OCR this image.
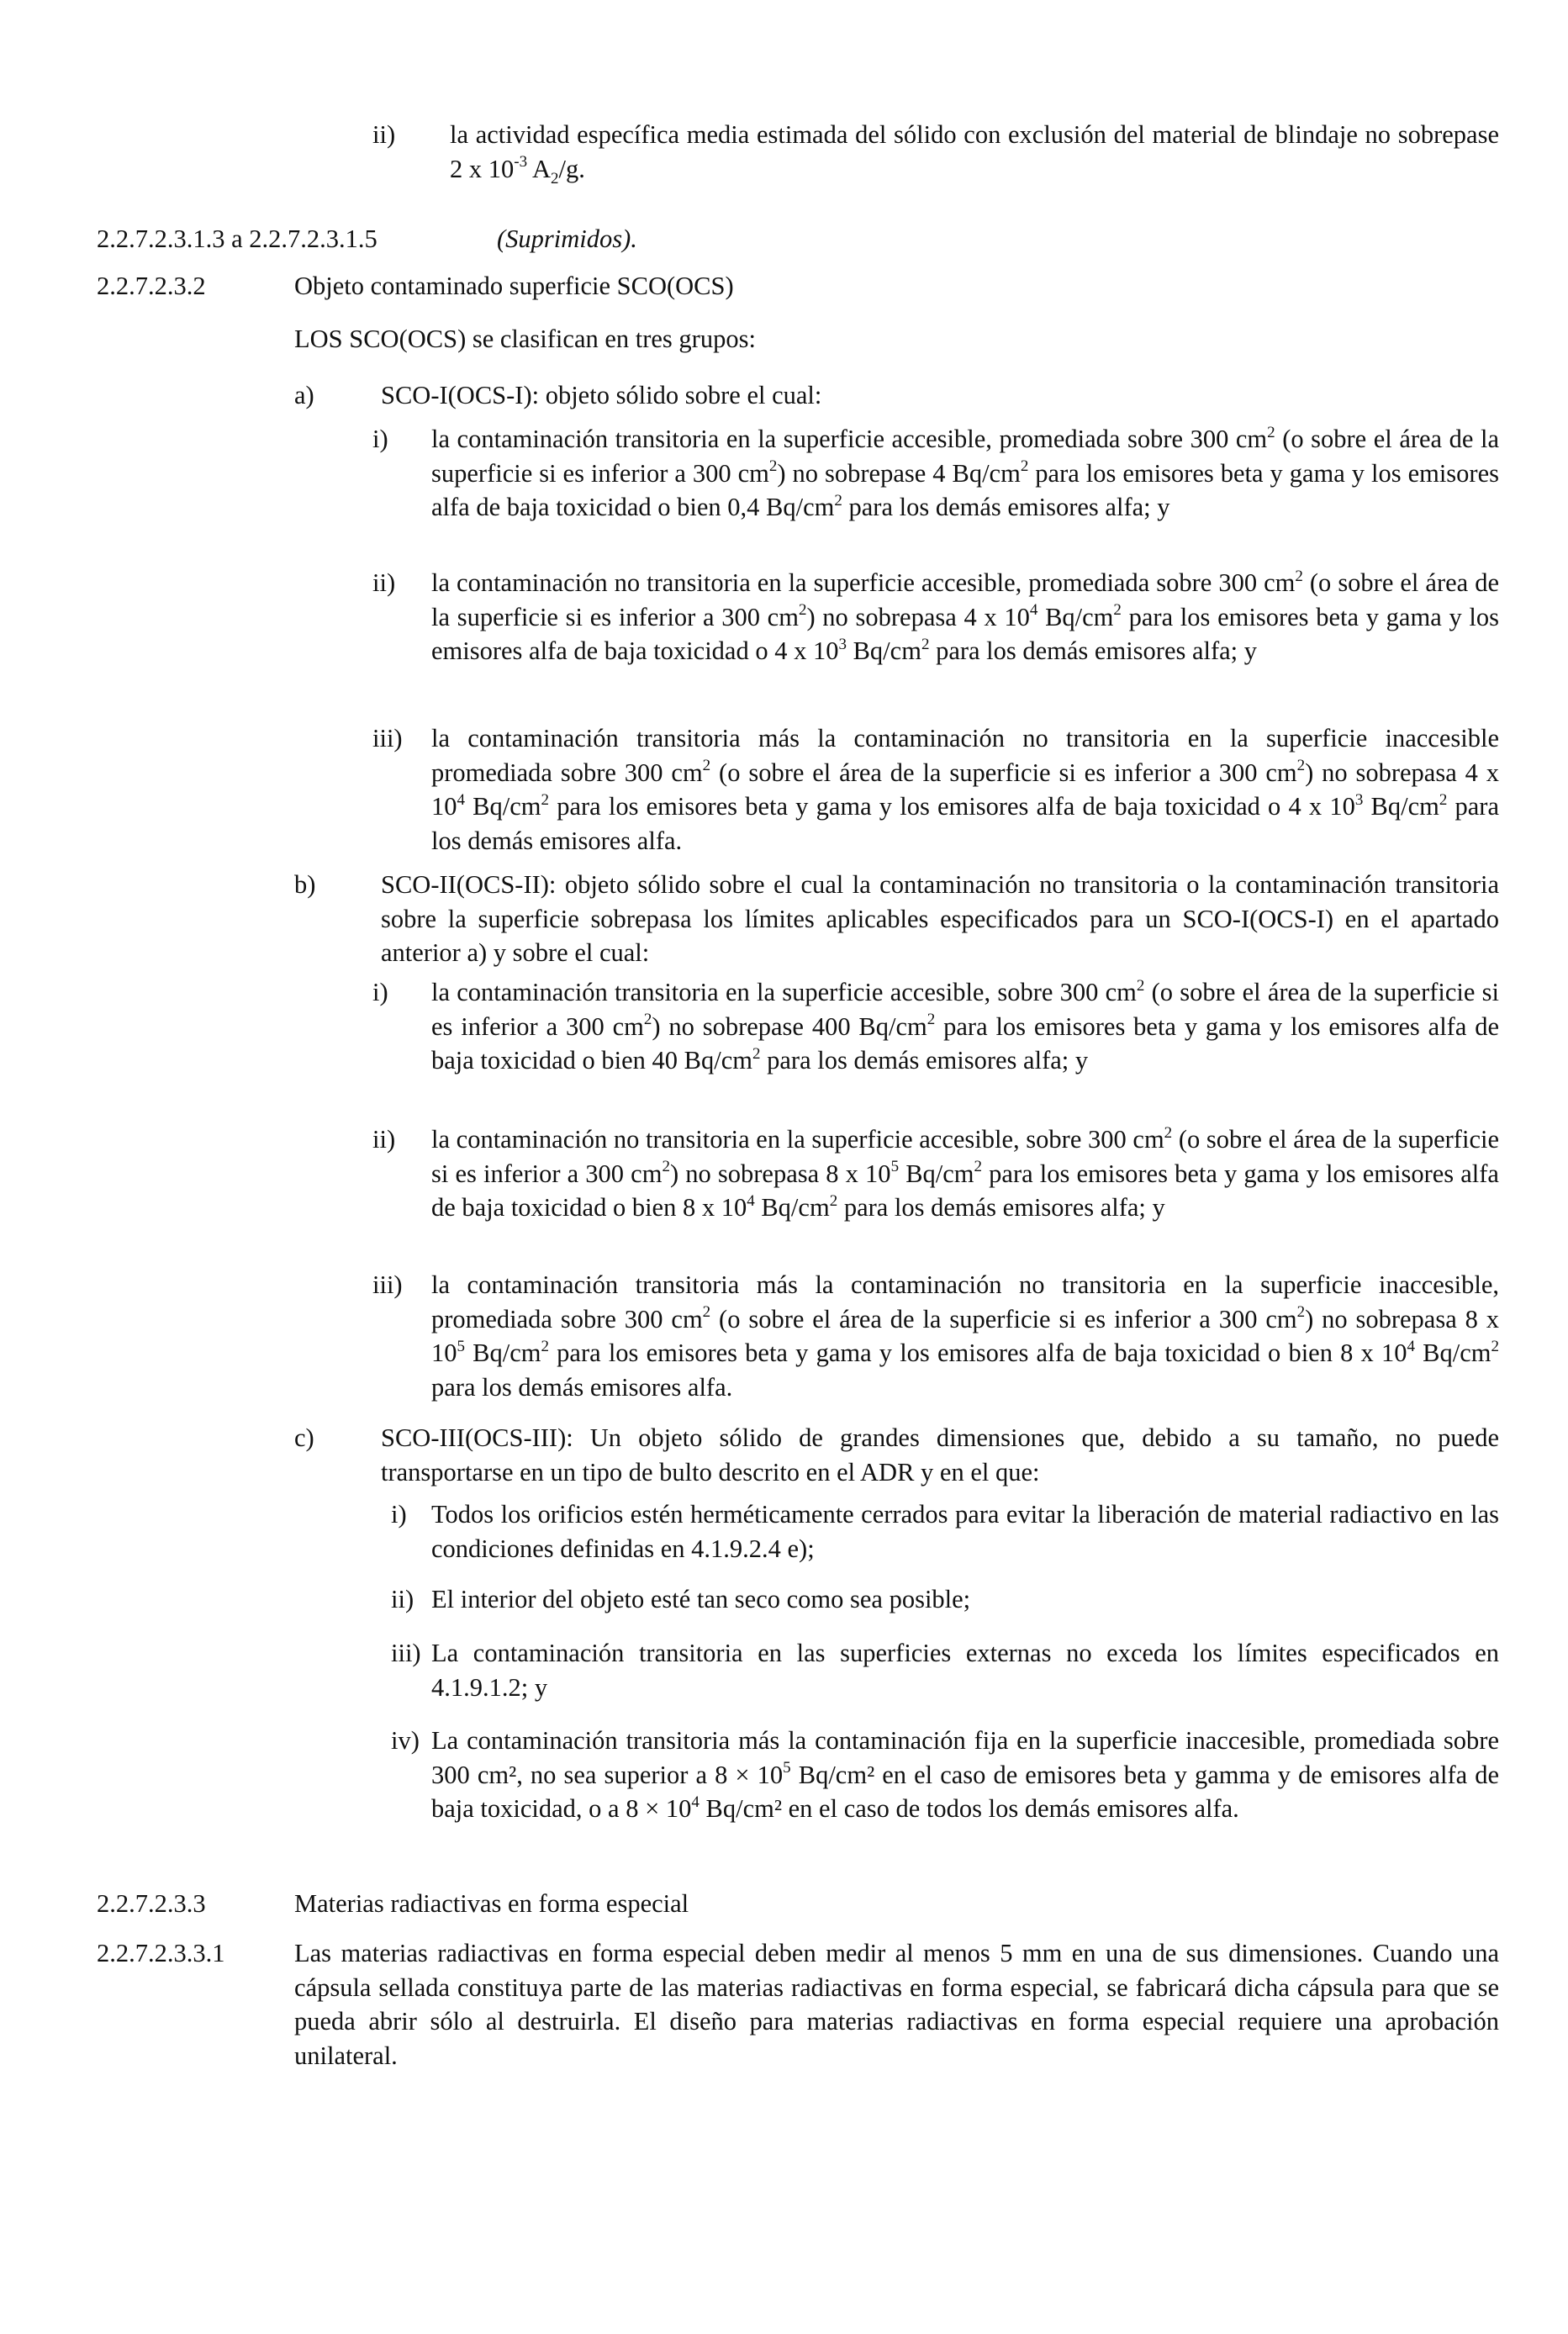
ii) la actividad específica media estimada del sólido con exclusión del material de blindaje no sobrepase 2 x $10^{-3}$ $A_2/g$.

2.2.7.2.3.1.3 a 2.2.7.2.3.1.5	(Suprimidos).

2.2.7.2.3.2	Objeto contaminado superficie SCO(OCS)

LOS SCO(OCS) se clasifican en tres grupos:

a)	SCO-I(OCS-I): objeto sólido sobre el cual:

i) la contaminación transitoria en la superficie accesible, promediada sobre 300 $cm^2$ (o sobre el área de la superficie si es inferior a 300 $cm^2$) no sobrepase 4 $Bq/cm^2$ para los emisores beta y gama y los emisores alfa de baja toxicidad o bien 0,4 $Bq/cm^2$ para los demás emisores alfa; y

ii) la contaminación no transitoria en la superficie accesible, promediada sobre 300 $cm^2$ (o sobre el área de la superficie si es inferior a 300 $cm^2$) no sobrepasa 4 x $10^4$ $Bq/cm^2$ para los emisores beta y gama y los emisores alfa de baja toxicidad o 4 x $10^3$ $Bq/cm^2$ para los demás emisores alfa; y

iii) la contaminación transitoria más la contaminación no transitoria en la superficie inaccesible promediada sobre 300 $cm^2$ (o sobre el área de la superficie si es inferior a 300 $cm^2$) no sobrepasa 4 x $10^4$ $Bq/cm^2$ para los emisores beta y gama y los emisores alfa de baja toxicidad o 4 x $10^3$ $Bq/cm^2$ para los demás emisores alfa.

b)	SCO-II(OCS-II): objeto sólido sobre el cual la contaminación no transitoria o la contaminación transitoria sobre la superficie sobrepasa los límites aplicables especificados para un SCO-I(OCS-I) en el apartado anterior a) y sobre el cual:

i) la contaminación transitoria en la superficie accesible, sobre 300 $cm^2$ (o sobre el área de la superficie si es inferior a 300 $cm^2$) no sobrepase 400 $Bq/cm^2$ para los emisores beta y gama y los emisores alfa de baja toxicidad o bien 40 $Bq/cm^2$ para los demás emisores alfa; y

ii) la contaminación no transitoria en la superficie accesible, sobre 300 $cm^2$ (o sobre el área de la superficie si es inferior a 300 $cm^2$) no sobrepasa 8 x $10^5$ $Bq/cm^2$ para los emisores beta y gama y los emisores alfa de baja toxicidad o bien 8 x $10^4$ $Bq/cm^2$ para los demás emisores alfa; y

iii) la contaminación transitoria más la contaminación no transitoria en la superficie inaccesible, promediada sobre 300 $cm^2$ (o sobre el área de la superficie si es inferior a 300 $cm^2$) no sobrepasa 8 x $10^5$ $Bq/cm^2$ para los emisores beta y gama y los emisores alfa de baja toxicidad o bien 8 x $10^4$ $Bq/cm^2$ para los demás emisores alfa.

c)	SCO-III(OCS-III): Un objeto sólido de grandes dimensiones que, debido a su tamaño, no puede transportarse en un tipo de bulto descrito en el ADR y en el que:

i) Todos los orificios estén herméticamente cerrados para evitar la liberación de material radiactivo en las condiciones definidas en 4.1.9.2.4 e);

ii) El interior del objeto esté tan seco como sea posible;

iii) La contaminación transitoria en las superficies externas no exceda los límites especificados en 4.1.9.1.2; y

iv) La contaminación transitoria más la contaminación fija en la superficie inaccesible, promediada sobre 300 cm², no sea superior a $8 \times 10^5$ Bq/cm² en el caso de emisores beta y gamma y de emisores alfa de baja toxicidad, o a $8 \times 10^4$ Bq/cm² en el caso de todos los demás emisores alfa.

2.2.7.2.3.3	Materias radiactivas en forma especial

2.2.7.2.3.3.1	Las materias radiactivas en forma especial deben medir al menos 5 mm en una de sus dimensiones. Cuando una cápsula sellada constituya parte de las materias radiactivas en forma especial, se fabricará dicha cápsula para que se pueda abrir sólo al destruirla. El diseño para materias radiactivas en forma especial requiere una aprobación unilateral.
